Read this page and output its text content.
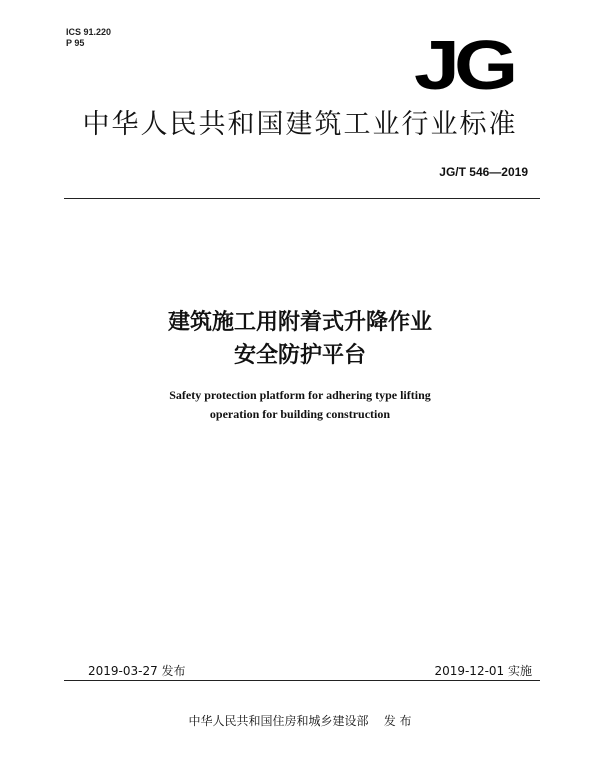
ICS 91.220
P 95	JG
中华人民共和国建筑工业行业标准
JG/T 546—2019
建筑施工用附着式升降作业
安全防护平台
Safety protection platform for adhering type lifting
operation for building construction
2019-03-27 发布	2019-12-01 实施
中华人民共和国住房和城乡建设部    发 布
